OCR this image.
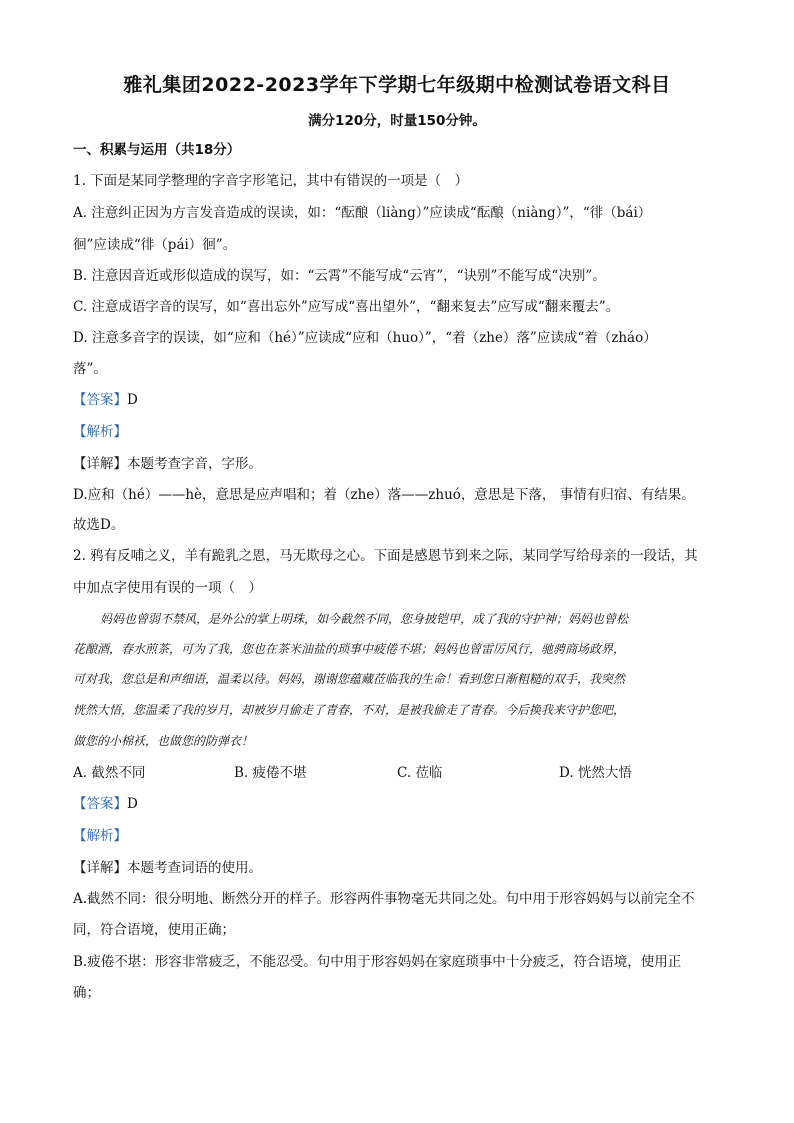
雅礼集团2022-2023学年下学期七年级期中检测试卷语文科目
满分120分，时量150分钟。
一、积累与运用（共18分）
1. 下面是某同学整理的字音字形笔记，其中有错误的一项是（　）
A. 注意纠正因为方言发音造成的误读，如：“酝酿（liàng）”应读成“酝酿（niàng）”，“徘（bái）
徊”应读成“徘（pái）徊”。
B. 注意因音近或形似造成的误写，如：“云霄”不能写成“云宵”，“诀别”不能写成“决别”。
C. 注意成语字音的误写，如“喜出忘外”应写成“喜出望外”，“翻来复去”应写成“翻来覆去”。
D. 注意多音字的误读，如“应和（hé）”应读成“应和（huo）”，“着（zhe）落”应读成“着（zháo）
落”。
【答案】D
【解析】
【详解】本题考查字音，字形。
D.应和（hé）——hè，意思是应声唱和；着（zhe）落——zhuó，意思是下落， 事情有归宿、有结果。
故选D。
2. 鸦有反哺之义，羊有跪乳之恩，马无欺母之心。下面是感恩节到来之际，某同学写给母亲的一段话，其
中加点字使用有误的一项（　）
妈妈也曾弱不禁风，是外公的掌上明珠，如今截然不同，您身披铠甲，成了我的守护神；妈妈也曾松
花酿酒，春水煎茶，可为了我，您也在茶米油盐的琐事中疲倦不堪；妈妈也曾雷厉风行，驰骋商场政界，
可对我，您总是和声细语，温柔以待。妈妈，谢谢您蕴藏莅临我的生命！看到您日渐粗糙的双手，我突然
恍然大悟，您温柔了我的岁月，却被岁月偷走了青春，不对，是被我偷走了青春。今后换我来守护您吧，
做您的小棉袄，也做您的防弹衣！
A. 截然不同	B. 疲倦不堪	C. 莅临	D. 恍然大悟
【答案】D
【解析】
【详解】本题考查词语的使用。
A.截然不同：很分明地、断然分开的样子。形容两件事物毫无共同之处。句中用于形容妈妈与以前完全不
同，符合语境，使用正确；
B.疲倦不堪：形容非常疲乏，不能忍受。句中用于形容妈妈在家庭琐事中十分疲乏，符合语境，使用正
确；
